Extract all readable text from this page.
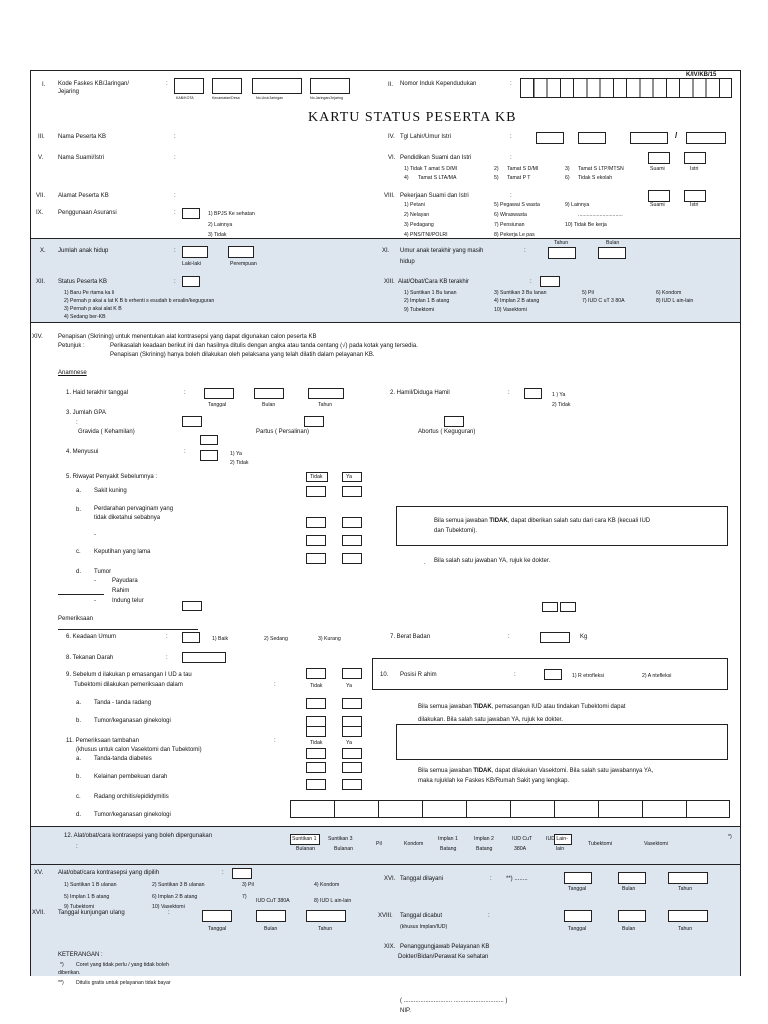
K/IV/KB/15
I. Kode Faskes KB/Jaringan/
Jejaring
:
KAB/KOTA	Kecamatan/Desa	No.Urut/Jaringan	No.Jaringan/Jejaring
II. Nomor Induk Kependudukan	:
KARTU STATUS PESERTA KB
III. Nama Peserta KB	:	IV. Tgl Lahir/Umur Istri	:	/
V. Nama Suami/Istri	:	VI. Pendidikan Suami dan Istri	:
1) Tidak T amat S D/MI	2) Tamat S D/MI	3) Tamat S LTP/MTSN
4) Tamat S LTA/MA	5) Tamat P T	6) Tidak S ekolah
Suami	Istri
VII. Alamat Peserta KB	:	VIII. Pekerjaan Suami dan Istri	:
1) Petani
2) Nelayan
3) Pedagang
4) PNS/TNI/POLRI
5) Pegawai S wasta
6) Wiraswasta
7) Pensiunan
8) Pekerja Le pas
9) Lainnya
...............................
10) Tidak Be kerja
Suami	Istri
IX. Penggunaan Asuransi	:	1) BPJS Ke sehatan
2) Lainnya
3) Tidak
X. Jumlah anak hidup	:
Laki-laki	Perempuan
XI. Umur anak terakhir yang masih
hidup
:
Tahun	Bulan
XII. Status Peserta KB	:
1) Baru Pe rtama ka li
2) Pernah p akai a lat K B b erhenti s esudah b ersalin/keguguran
3) Pernah p akai alat K B
4) Sedang ber-KB
XIII. Alat/Obat/Cara KB terakhir	:
1) Suntikan 1 Bu lanan
2) Implan 1 B atang
3) Suntikan 3 Bu lanan
4) Implan 2 B atang
5) Pil	6) Kondom
7) IUD C uT 3 80A	8) IUD L ain-lain
9) Tubektomi	10) Vasektomi
XIV.	Penapisan (Skrining) untuk menentukan alat kontrasepsi yang dapat digunakan calon peserta KB
Petunjuk :	Perikasalah keadaan berikut ini dan hasilnya ditulis dengan angka atau tanda centang (√) pada kotak yang tersedia.
Penapisan (Skrining) hanya boleh dilakukan oleh pelaksana yang telah dilatih dalam pelayanan KB.
Anamnese
1. Haid terakhir tanggal	:
Tanggal	Bulan	Tahun
2. Hamil/Diduga Hamil	:	1 ) Ya
2) Tidak
3. Jumlah GPA
:
Gravida ( Kehamilan)	Partus ( Persalinan)	Abortus ( Keguguran)
4. Menyusui	:	1) Ya
2) Tidak
5. Riwayat Penyakit Sebelumnya :	Tidak	Ya
a. Sakit kuning
b. Perdarahan pervaginam yang
tidak diketahui sebabnya
-
c. Keputihan yang lama
d. Tumor
-	Payudara
Rahim
-	Indung telur
Bila semua jawaban TIDAK, dapat diberikan salah satu dari cara KB (kecuali IUD
dan Tubektomi).
. Bila salah satu jawaban YA, rujuk ke dokter.
Pemeriksaan
6. Keadaan Umum	:	1) Baik	2) Sedang	3) Kurang	7. Berat Badan	:	Kg
8. Tekanan Darah	:
9. Sebelum d ilakukan p emasangan I UD a tau
Tubektomi dilakukan pemeriksaan dalam	:	Tidak	Ya
a. Tanda - tanda radang
b. Tumor/keganasan ginekologi
10. Posisi R ahim	:	1) R etrofleksi	2) A ntefleksi
Bila semua jawaban TIDAK, pemasangan IUD atau tindakan Tubektomi dapat
dilakukan. Bila salah satu jawaban YA, rujuk ke dokter.
11. Pemeriksaan tambahan
(khusus untuk calon Vasektomi dan Tubektomi)
:	Tidak	Ya
a. Tanda-tanda diabetes
b. Kelainan pembekuan darah
c. Radang orchitis/epididymitis
d. Tumor/keganasan ginekologi
Bila semua jawaban TIDAK, dapat dilakukan Vasektomi. Bila salah satu jawabannya YA,
maka rujuklah ke Faskes KB/Rumah Sakit yang lengkap.
12. Alat/obat/cara kontrasepsi yang boleh dipergunakan
:
Suntikan 1
Bulanan
Suntikan 3
Bulanan
Pil	Kondom
Implan 1
Batang
Implan 2
Batang
IUD CuT
380A
IUD Lain-
lain
Tubektomi	Vasektomi
*)
XV. Alat/obat/cara kontrasepsi yang dipilih	:
1) Suntikan 1 B ulanan	2) Suntikan 3 B ulanan	3) Pil	4) Kondom
5) Implan 1 B atang	6) Implan 2 B atang	7)
IUD CuT 380A	8) IUD L ain-lain
9) Tubektomi	10) Vasektomi
XVI. Tanggal dilayani	: **) ........
Tanggal	Bulan	Tahun
XVII. Tanggal kunjungan ulang	:
Tanggal	Bulan	Tahun
XVIII. Tanggal dicabut	:
(khusus Implan/IUD)	Tanggal	Bulan	Tahun
XIX. Penanggungjawab Pelayanan KB
Dokter/Bidan/Perawat Ke sehatan
( ............................. .............................. )
NIP.
KETERANGAN :
*) Coret yang tidak perlu / yang tidak boleh
diberikan.
**) Ditulis gratis untuk pelayanan tidak bayar
